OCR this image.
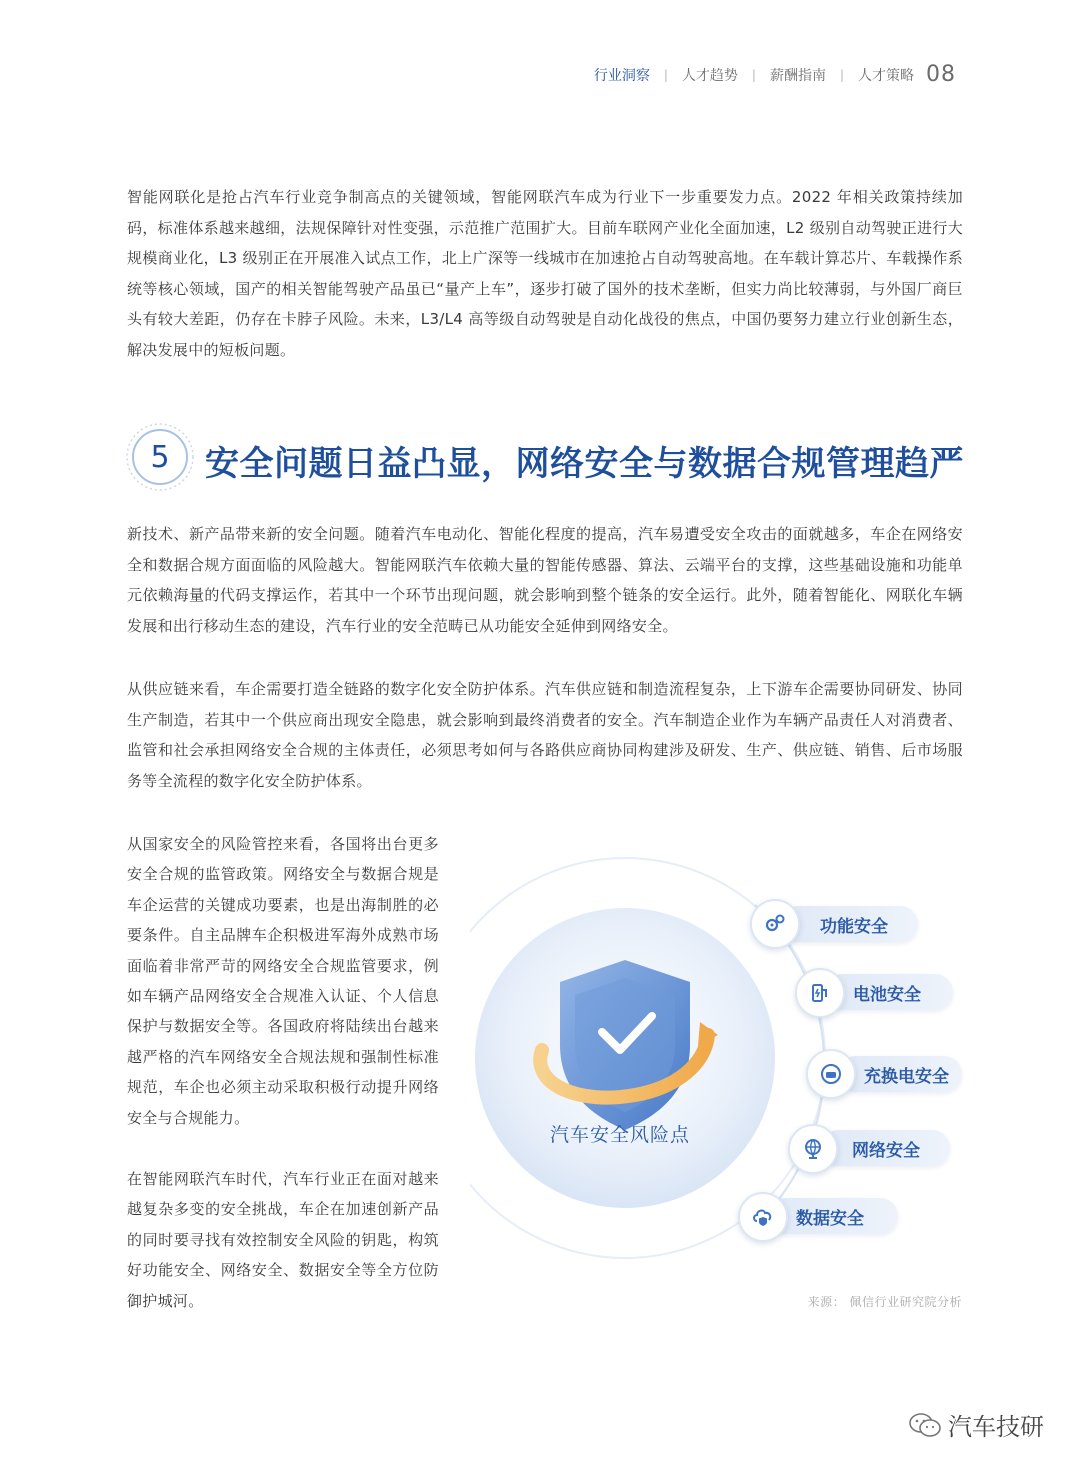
行业洞察 | 人才趋势 | 薪酬指南 | 人才策略 08
智能网联化是抢占汽车行业竞争制高点的关键领域，智能网联汽车成为行业下一步重要发力点。2022 年相关政策持续加码，标准体系越来越细，法规保障针对性变强，示范推广范围扩大。目前车联网产业化全面加速，L2 级别自动驾驶正进行大规模商业化，L3 级别正在开展准入试点工作，北上广深等一线城市在加速抢占自动驾驶高地。在车载计算芯片、车载操作系统等核心领域，国产的相关智能驾驶产品虽已“量产上车”，逐步打破了国外的技术垄断，但实力尚比较薄弱，与外国厂商巨头有较大差距，仍存在卡脖子风险。未来，L3/L4 高等级自动驾驶是自动化战役的焦点，中国仍要努力建立行业创新生态，解决发展中的短板问题。
5	安全问题日益凸显，网络安全与数据合规管理趋严
新技术、新产品带来新的安全问题。随着汽车电动化、智能化程度的提高，汽车易遭受安全攻击的面就越多，车企在网络安全和数据合规方面面临的风险越大。智能网联汽车依赖大量的智能传感器、算法、云端平台的支撑，这些基础设施和功能单元依赖海量的代码支撑运作，若其中一个环节出现问题，就会影响到整个链条的安全运行。此外，随着智能化、网联化车辆发展和出行移动生态的建设，汽车行业的安全范畴已从功能安全延伸到网络安全。
从供应链来看，车企需要打造全链路的数字化安全防护体系。汽车供应链和制造流程复杂，上下游车企需要协同研发、协同生产制造，若其中一个供应商出现安全隐患，就会影响到最终消费者的安全。汽车制造企业作为车辆产品责任人对消费者、监管和社会承担网络安全合规的主体责任，必须思考如何与各路供应商协同构建涉及研发、生产、供应链、销售、后市场服务等全流程的数字化安全防护体系。
从国家安全的风险管控来看，各国将出台更多安全合规的监管政策。网络安全与数据合规是车企运营的关键成功要素，也是出海制胜的必要条件。自主品牌车企积极进军海外成熟市场面临着非常严苛的网络安全合规监管要求，例如车辆产品网络安全合规准入认证、个人信息保护与数据安全等。各国政府将陆续出台越来越严格的汽车网络安全合规法规和强制性标准规范，车企也必须主动采取积极行动提升网络安全与合规能力。
在智能网联汽车时代，汽车行业正在面对越来越复杂多变的安全挑战，车企在加速创新产品的同时要寻找有效控制安全风险的钥匙，构筑好功能安全、网络安全、数据安全等全方位防御护城河。
功能安全
电池安全
充换电安全
网络安全
数据安全
汽车安全风险点
来源： 佩信行业研究院分析
汽车技研
